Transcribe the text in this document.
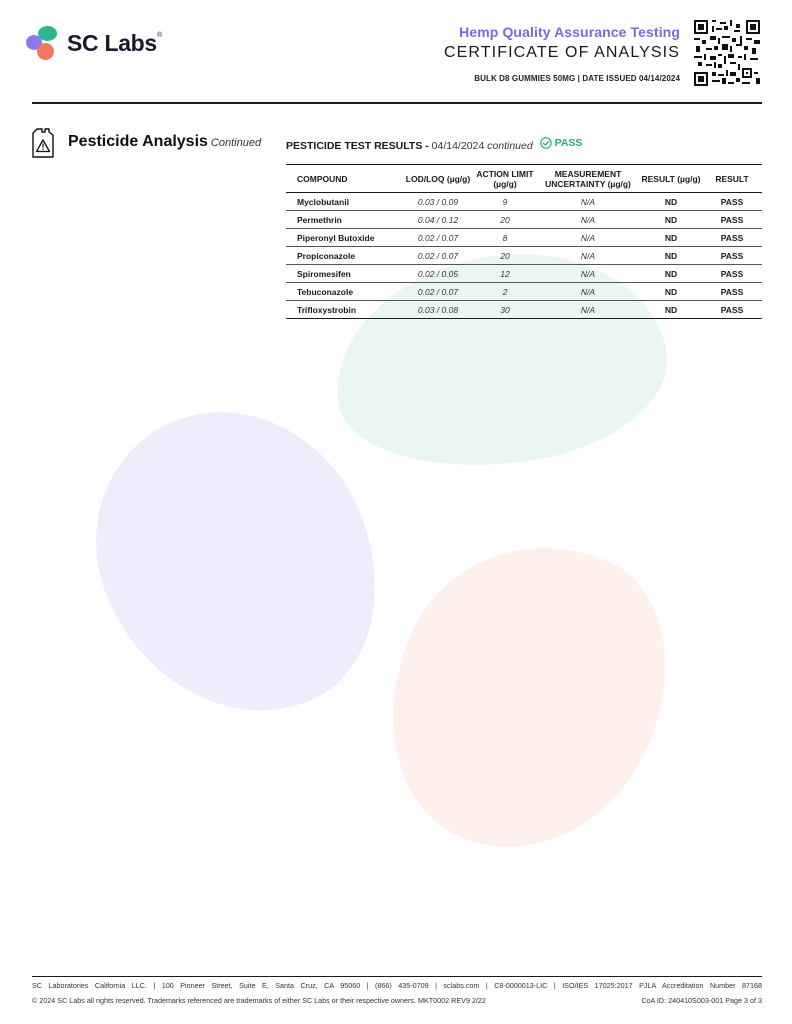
SC Labs®	Hemp Quality Assurance Testing
CERTIFICATE OF ANALYSIS
BULK D8 GUMMIES 50MG | DATE ISSUED 04/14/2024
Pesticide Analysis Continued PESTICIDE TEST RESULTS - 04/14/2024 continued PASS
COMPOUND	LOD/LOQ (µg/g)	ACTION LIMIT (µg/g)	MEASUREMENT UNCERTAINTY (µg/g)	RESULT (µg/g)	RESULT
Myclobutanil	0.03 / 0.09	9	N/A	ND	PASS
Permethrin	0.04 / 0.12	20	N/A	ND	PASS
Piperonyl Butoxide	0.02 / 0.07	8	N/A	ND	PASS
Propiconazole	0.02 / 0.07	20	N/A	ND	PASS
Spiromesifen	0.02 / 0.05	12	N/A	ND	PASS
Tebuconazole	0.02 / 0.07	2	N/A	ND	PASS
Trifloxystrobin	0.03 / 0.08	30	N/A	ND	PASS
SC Laboratories California LLC. | 100 Pioneer Street, Suite E, Santa Cruz, CA 95060 | (866) 435-0709 | sclabs.com | C8-0000013-LIC | ISO/IES 17025:2017 PJLA Accreditation Number 87168
© 2024 SC Labs all rights reserved. Trademarks referenced are trademarks of either SC Labs or their respective owners. MKT0002 REV9 2/22	CoA ID: 240410S003-001 Page 3 of 3
